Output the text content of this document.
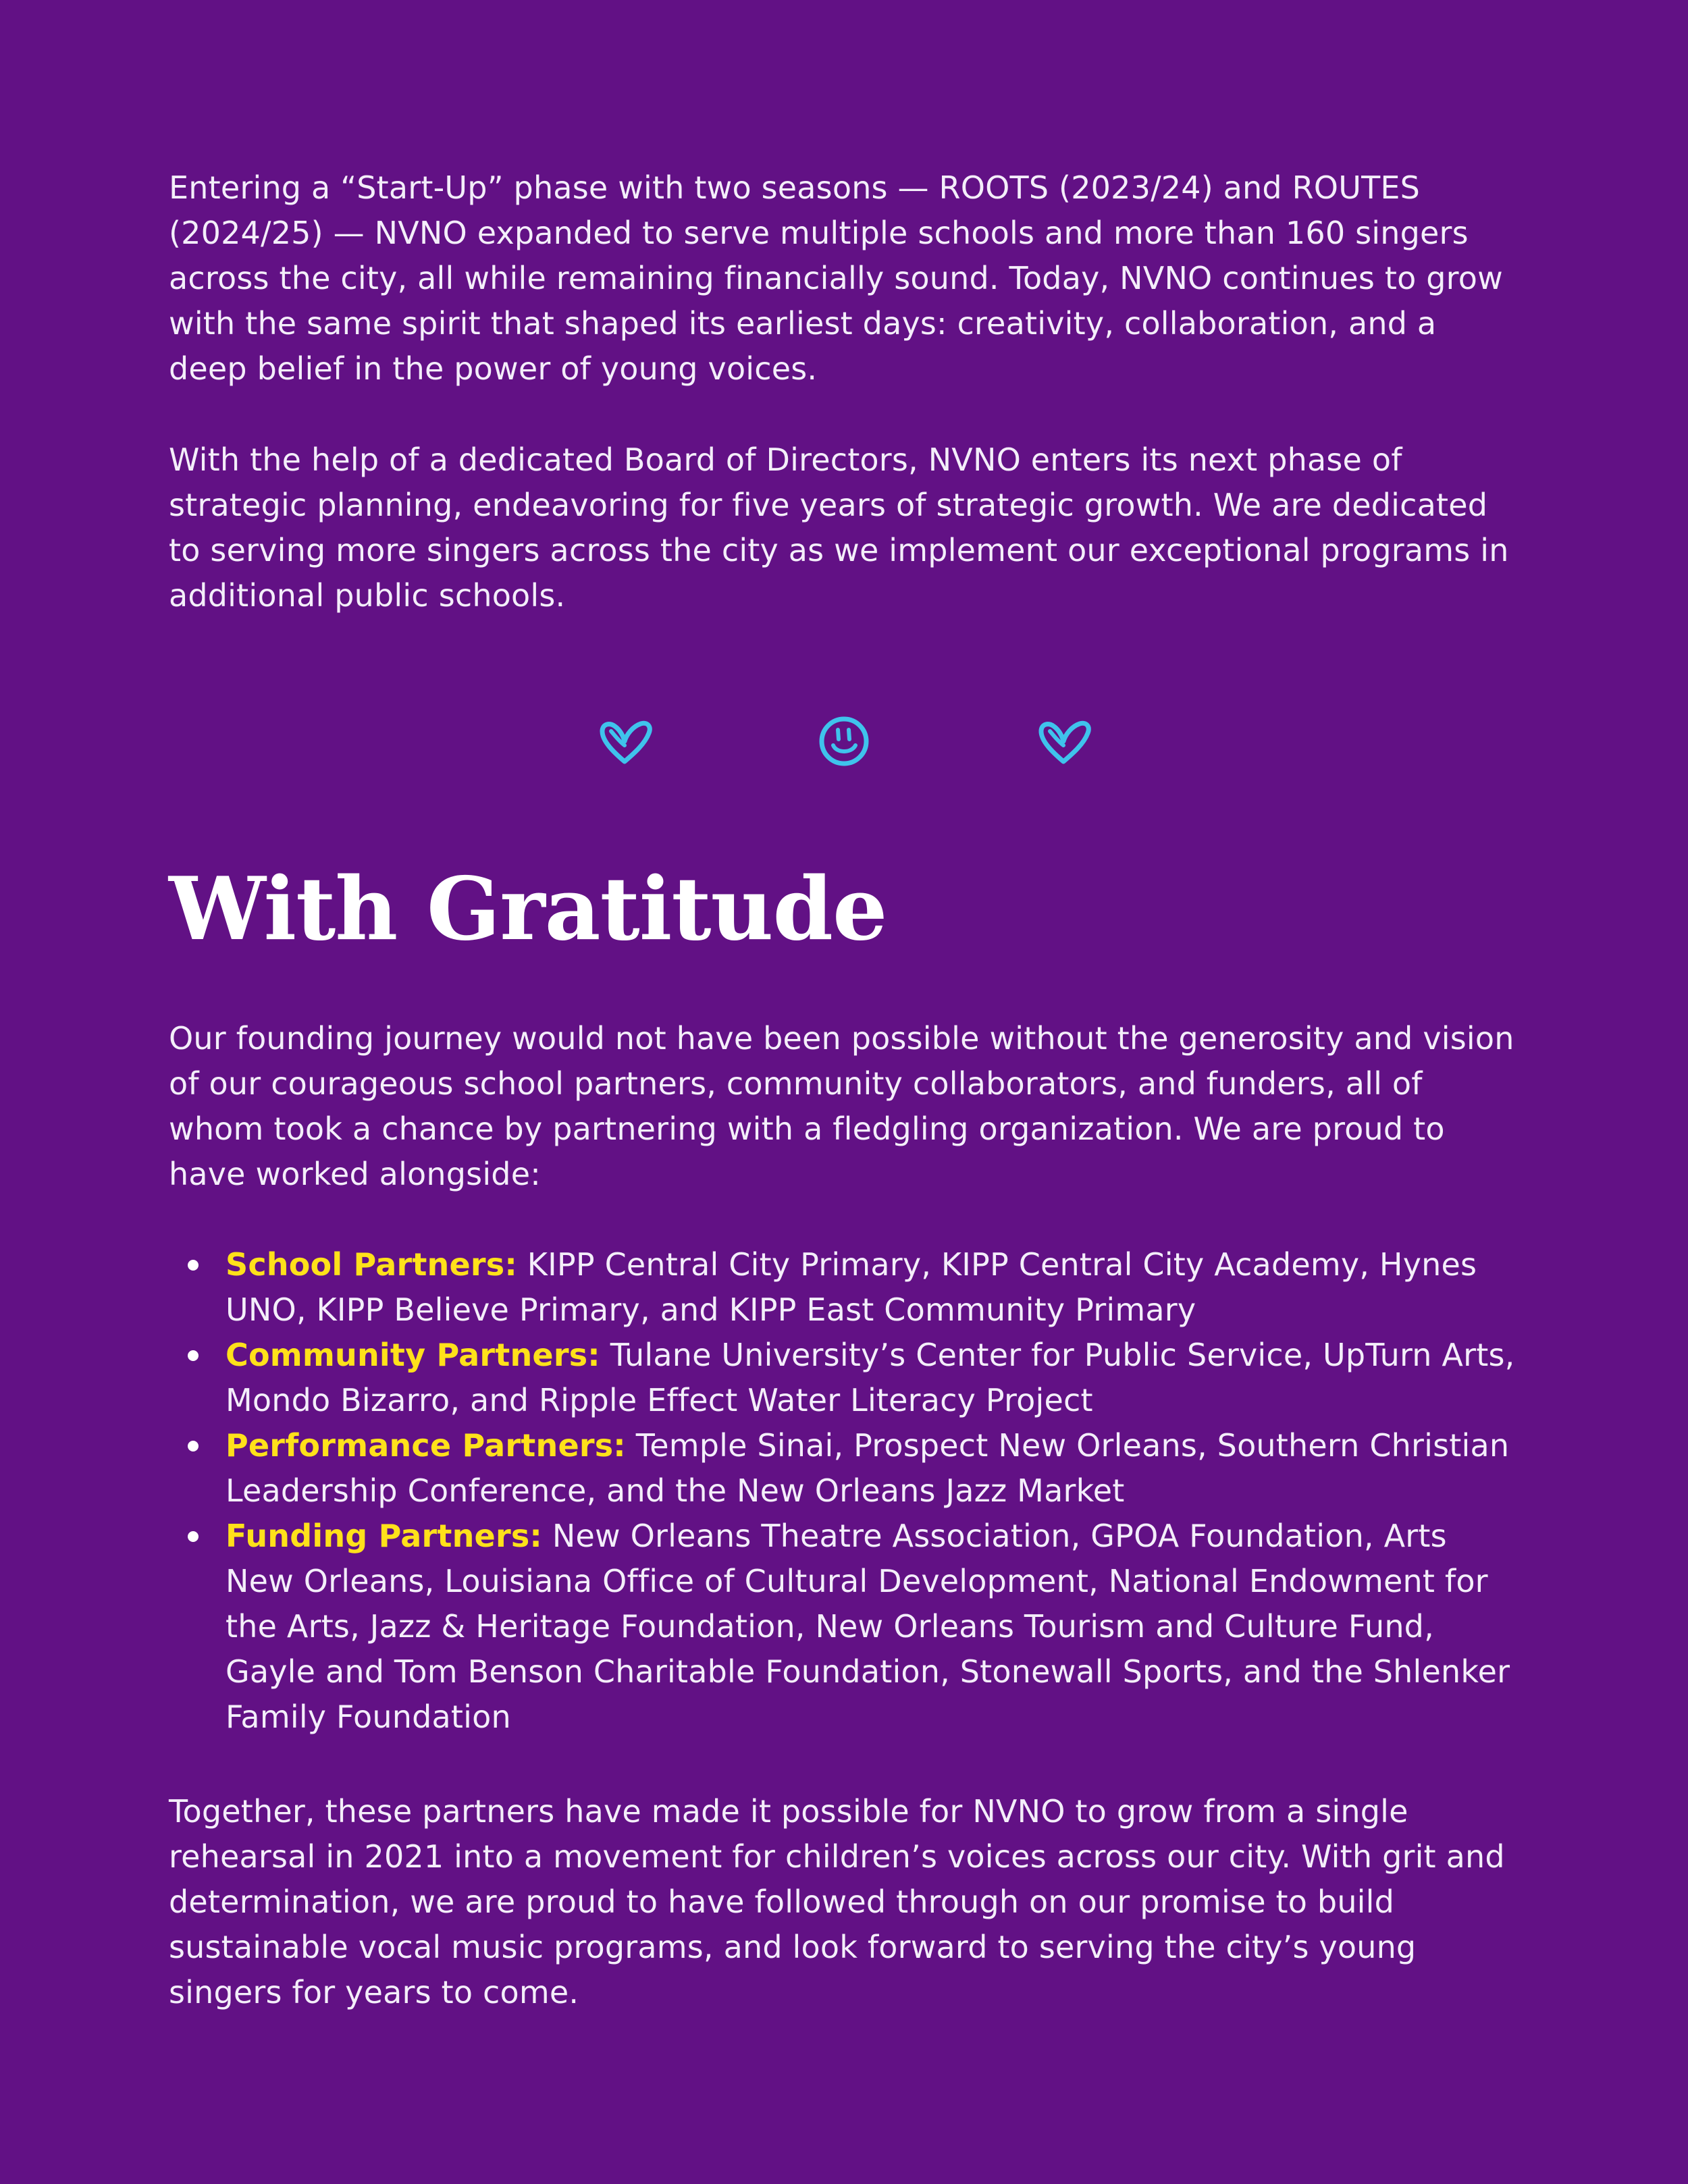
Entering a “Start-Up” phase with two seasons — ROOTS (2023/24) and ROUTES (2024/25) — NVNO expanded to serve multiple schools and more than 160 singers across the city, all while remaining financially sound. Today, NVNO continues to grow with the same spirit that shaped its earliest days: creativity, collaboration, and a deep belief in the power of young voices.

With the help of a dedicated Board of Directors, NVNO enters its next phase of strategic planning, endeavoring for five years of strategic growth. We are dedicated to serving more singers across the city as we implement our exceptional programs in additional public schools.

With Gratitude

Our founding journey would not have been possible without the generosity and vision of our courageous school partners, community collaborators, and funders, all of whom took a chance by partnering with a fledgling organization. We are proud to have worked alongside:

School Partners: KIPP Central City Primary, KIPP Central City Academy, Hynes UNO, KIPP Believe Primary, and KIPP East Community Primary
Community Partners: Tulane University’s Center for Public Service, UpTurn Arts, Mondo Bizarro, and Ripple Effect Water Literacy Project
Performance Partners: Temple Sinai, Prospect New Orleans, Southern Christian Leadership Conference, and the New Orleans Jazz Market
Funding Partners: New Orleans Theatre Association, GPOA Foundation, Arts New Orleans, Louisiana Office of Cultural Development, National Endowment for the Arts, Jazz & Heritage Foundation, New Orleans Tourism and Culture Fund, Gayle and Tom Benson Charitable Foundation, Stonewall Sports, and the Shlenker Family Foundation

Together, these partners have made it possible for NVNO to grow from a single rehearsal in 2021 into a movement for children’s voices across our city. With grit and determination, we are proud to have followed through on our promise to build sustainable vocal music programs, and look forward to serving the city’s young singers for years to come.
